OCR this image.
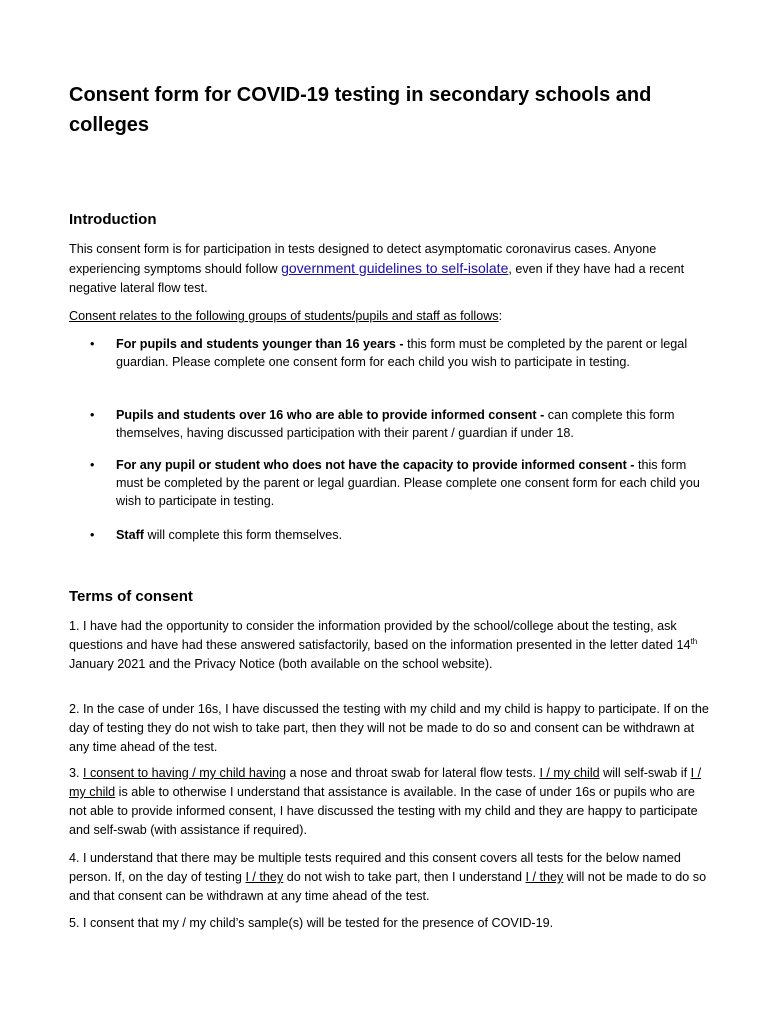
Consent form for COVID-19 testing in secondary schools and colleges
Introduction

This consent form is for participation in tests designed to detect asymptomatic coronavirus cases. Anyone experiencing symptoms should follow government guidelines to self-isolate, even if they have had a recent negative lateral flow test.

Consent relates to the following groups of students/pupils and staff as follows:

• For pupils and students younger than 16 years - this form must be completed by the parent or legal guardian. Please complete one consent form for each child you wish to participate in testing.
• Pupils and students over 16 who are able to provide informed consent - can complete this form themselves, having discussed participation with their parent / guardian if under 18.
• For any pupil or student who does not have the capacity to provide informed consent - this form must be completed by the parent or legal guardian. Please complete one consent form for each child you wish to participate in testing.
• Staff will complete this form themselves.
Terms of consent

1. I have had the opportunity to consider the information provided by the school/college about the testing, ask questions and have had these answered satisfactorily, based on the information presented in the letter dated 14th January 2021 and the Privacy Notice (both available on the school website).

2. In the case of under 16s, I have discussed the testing with my child and my child is happy to participate. If on the day of testing they do not wish to take part, then they will not be made to do so and consent can be withdrawn at any time ahead of the test.

3. I consent to having / my child having a nose and throat swab for lateral flow tests. I / my child will self-swab if I / my child is able to otherwise I understand that assistance is available. In the case of under 16s or pupils who are not able to provide informed consent, I have discussed the testing with my child and they are happy to participate and self-swab (with assistance if required).

4. I understand that there may be multiple tests required and this consent covers all tests for the below named person. If, on the day of testing I / they do not wish to take part, then I understand I / they will not be made to do so and that consent can be withdrawn at any time ahead of the test.

5. I consent that my / my child’s sample(s) will be tested for the presence of COVID-19.
